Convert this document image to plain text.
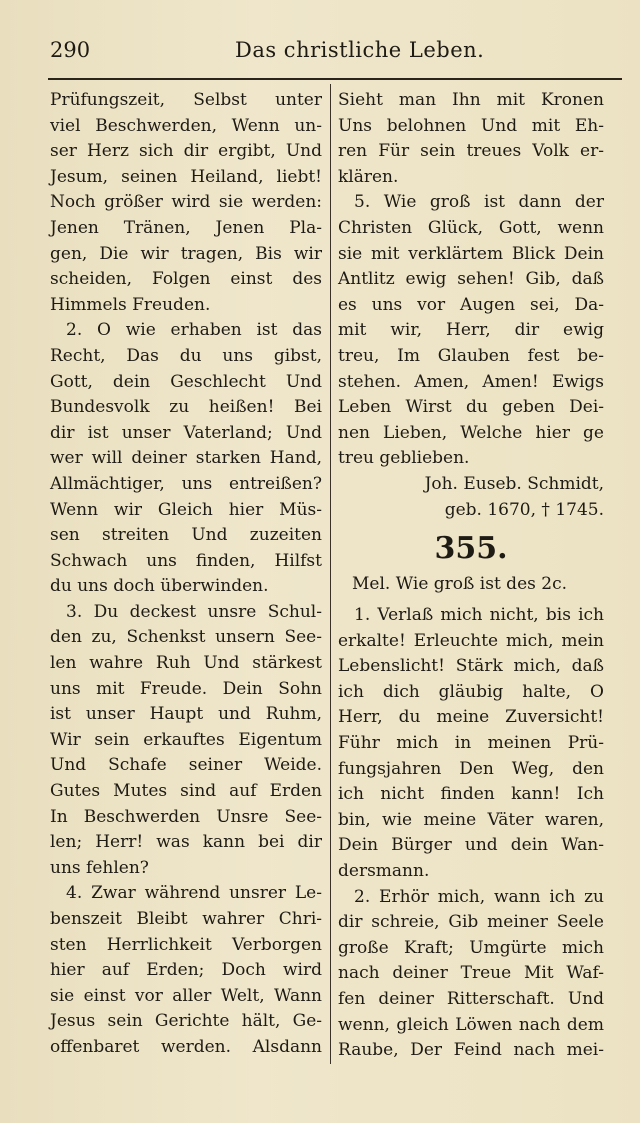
290	Das christliche Leben.
Prüfungszeit, Selbst unter
viel Beschwerden, Wenn un-
ser Herz sich dir ergibt, Und
Jesum, seinen Heiland, liebt!
Noch größer wird sie werden:
Jenen Tränen, Jenen Pla-
gen, Die wir tragen, Bis wir
scheiden, Folgen einst des
Himmels Freuden.
2. O wie erhaben ist das
Recht, Das du uns gibst,
Gott, dein Geschlecht Und
Bundesvolk zu heißen! Bei
dir ist unser Vaterland; Und
wer will deiner starken Hand,
Allmächtiger, uns entreißen?
Wenn wir Gleich hier Müs-
sen streiten Und zuzeiten
Schwach uns finden, Hilfst
du uns doch überwinden.
3. Du deckest unsre Schul-
den zu, Schenkst unsern See-
len wahre Ruh Und stärkest
uns mit Freude. Dein Sohn
ist unser Haupt und Ruhm,
Wir sein erkauftes Eigentum
Und Schafe seiner Weide.
Gutes Mutes sind auf Erden
In Beschwerden Unsre See-
len; Herr! was kann bei dir
uns fehlen?
4. Zwar während unsrer Le-
benszeit Bleibt wahrer Chri-
sten Herrlichkeit Verborgen
hier auf Erden; Doch wird
sie einst vor aller Welt, Wann
Jesus sein Gerichte hält, Ge-
offenbaret werden. Alsdann
Sieht man Ihn mit Kronen
Uns belohnen Und mit Eh-
ren Für sein treues Volk er-
klären.
5. Wie groß ist dann der
Christen Glück, Gott, wenn
sie mit verklärtem Blick Dein
Antlitz ewig sehen! Gib, daß
es uns vor Augen sei, Da-
mit wir, Herr, dir ewig
treu, Im Glauben fest be-
stehen. Amen, Amen! Ewigs
Leben Wirst du geben Dei-
nen Lieben, Welche hier ge
treu geblieben.
Joh. Euseb. Schmidt,
geb. 1670, † 1745.
355.
Mel. Wie groß ist des 2c.
1. Verlaß mich nicht, bis ich
erkalte! Erleuchte mich, mein
Lebenslicht! Stärk mich, daß
ich dich gläubig halte, O
Herr, du meine Zuversicht!
Führ mich in meinen Prü-
fungsjahren Den Weg, den
ich nicht finden kann! Ich
bin, wie meine Väter waren,
Dein Bürger und dein Wan-
dersmann.
2. Erhör mich, wann ich zu
dir schreie, Gib meiner Seele
große Kraft; Umgürte mich
nach deiner Treue Mit Waf-
fen deiner Ritterschaft. Und
wenn, gleich Löwen nach dem
Raube, Der Feind nach mei-
